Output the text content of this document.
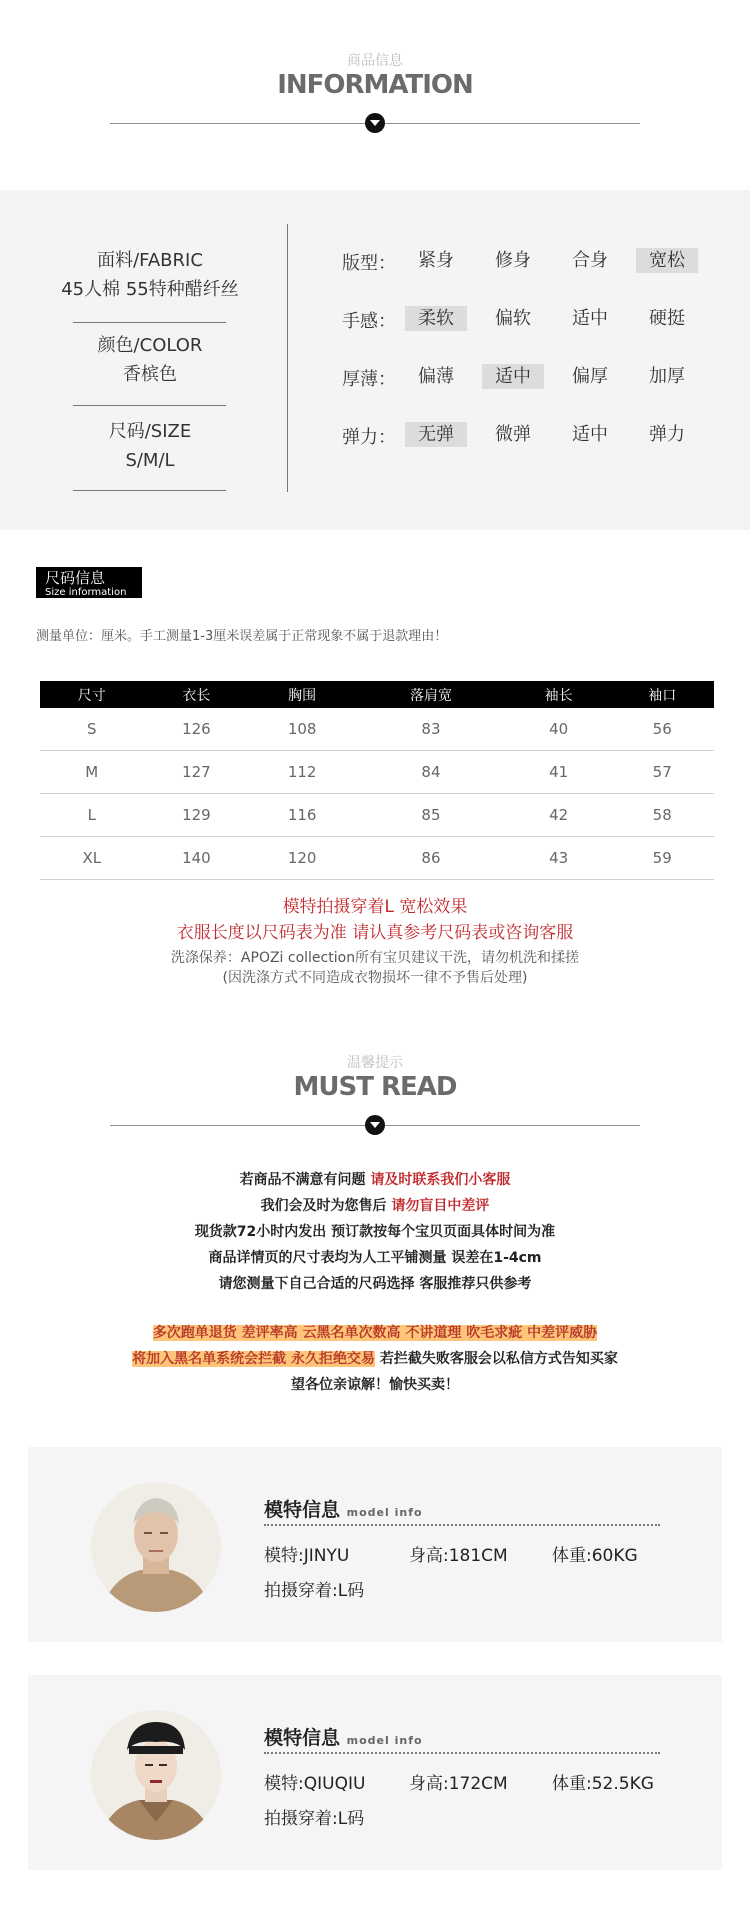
商品信息
INFORMATION
面料/FABRIC
45人棉 55特种醋纤丝
颜色/COLOR
香槟色
尺码/SIZE
S/M/L
版型：	紧身	修身	合身	宽松
手感：	柔软	偏软	适中	硬挺
厚薄：	偏薄	适中	偏厚	加厚
弹力：	无弹	微弹	适中	弹力
尺码信息
Size information
测量单位：厘米。手工测量1-3厘米误差属于正常现象不属于退款理由！
尺寸	衣长	胸围	落肩宽	袖长	袖口
S	126	108	83	40	56
M	127	112	84	41	57
L	129	116	85	42	58
XL	140	120	86	43	59
模特拍摄穿着L 宽松效果
衣服长度以尺码表为准 请认真参考尺码表或咨询客服
洗涤保养：APOZi collection所有宝贝建议干洗，请勿机洗和揉搓
(因洗涤方式不同造成衣物损坏一律不予售后处理)
温馨提示
MUST READ
若商品不满意有问题 请及时联系我们小客服
我们会及时为您售后 请勿盲目中差评
现货款72小时内发出 预订款按每个宝贝页面具体时间为准
商品详情页的尺寸表均为人工平铺测量 误差在1-4cm
请您测量下自己合适的尺码选择 客服推荐只供参考
多次跑单退货 差评率高 云黑名单次数高 不讲道理 吹毛求疵 中差评威胁
将加入黑名单系统会拦截 永久拒绝交易 若拦截失败客服会以私信方式告知买家
望各位亲谅解！愉快买卖！
模特信息 model info
模特:JINYU	身高:181CM	体重:60KG
拍摄穿着:L码
模特信息 model info
模特:QIUQIU	身高:172CM	体重:52.5KG
拍摄穿着:L码
